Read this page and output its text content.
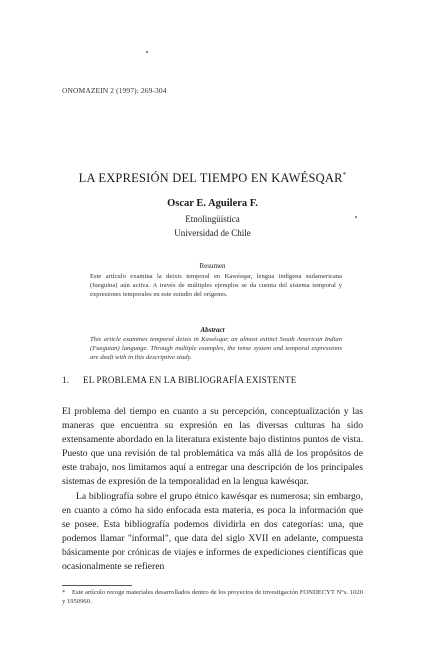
ONOMAZEIN 2 (1997): 269-304
LA EXPRESIÓN DEL TIEMPO EN KAWÉSQAR*
Oscar E. Aguilera F.
Etnolingüística
Universidad de Chile
Resumen
Este artículo examina la deixis temporal en Kawésqar, lengua indígena sudamericana (fueguina) aún activa. A través de múltiples ejemplos se da cuenta del sistema temporal y expresiones temporales en este estudio del orígenes.
Abstract
This article examines temporal deixis in Kawésqar, an almost extinct South American Indian (Fueguian) language. Through multiple examples, the tense system and temporal expressions are dealt with in this descriptive study.
1. EL PROBLEMA EN LA BIBLIOGRAFÍA EXISTENTE

El problema del tiempo en cuanto a su percepción, conceptualización y las maneras que encuentra su expresión en las diversas culturas ha sido extensamente abordado en la literatura existente bajo distintos puntos de vista. Puesto que una revisión de tal problemática va más allá de los propósitos de este trabajo, nos limitamos aquí a entregar una descripción de los principales sistemas de expresión de la temporalidad en la lengua kawésqar.

La bibliografía sobre el grupo étnico kawésqar es numerosa; sin embargo, en cuanto a cómo ha sido enfocada esta materia, es poca la información que se posee. Esta bibliografía podemos dividirla en dos categorías: una, que podemos llamar "informal", que data del siglo XVII en adelante, compuesta básicamente por crónicas de viajes e informes de expediciones científicas que ocasionalmente se refieren

* Este artículo recoge materiales desarrollados dentro de los proyectos de investigación FONDECYT N°s. 1020 y 1950960.
